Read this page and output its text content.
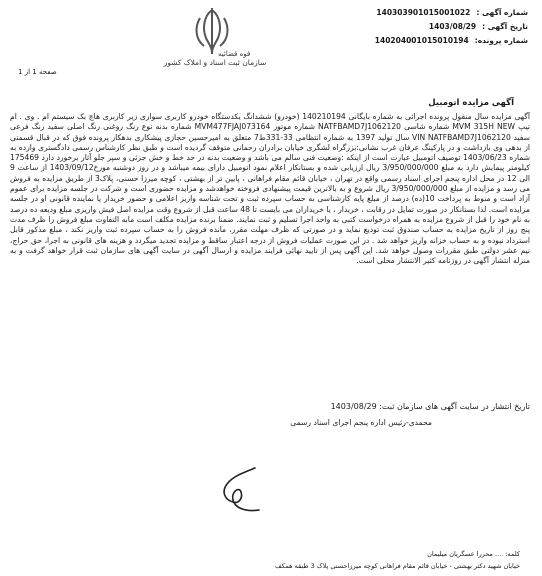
قوه قضائیه
سازمان ثبت اسناد و املاک کشور
شماره آگهی :
140303901015001022
تاریخ آگهی :
1403/08/29
شماره پرونده:
140204001015010194
صفحه 1 از 1
آگهی مزایده اتومبیل
آگهی مزایده سال منقول پرونده اجرائی به شماره بایگانی 140210194 (خودرو) ششدانگ یکدستگاه خودرو کاربری سواری زیر کاربری هاچ بک سیستم ام . وی . ام تیپ MVM 315H NEW شماره شاسی NATFBAMD7J1062120 شماره موتور MVM477FJAJ073164 شماره بدنه نوع رنگ روغنی رنگ اصلی سفید رنگ فرعی سفید VIN NATFBAMD7J1062120 سال تولید 1397 به شماره انتظامی 33-331ط7 متعلق به امیرحسین حجازی پیشکاری بدهکار پرونده فوق که در قبال قسمتی از بدهی وی بازداشت و در پارکینگ عرفان غرب نشانی:بزرگراه لشگری خیابان برادران رحمانی متوقف گردیده است و طبق نظر کارشناس رسمی دادگستری وارده به شماره 1403/06/23 توصیف اتومبیل عبارت است از اینکه :وضعیت فنی سالم می باشد و وضعیت بدنه در حد خط و خش جزئی و سپر جلو آثار برخورد دارد 175469 کیلومتر پیمایش دارد به مبلغ 3/950/000/000 ریال ارزیابی شده و بستانکار اعلام نمود اتومبیل دارای بیمه میباشد و در روز دوشنبه مورخ1403/09/12 از ساعت 9 الی 12 در محل اداره پنجم اجرای اسناد رسمی واقع در تهران ، خیابان قائم مقام فراهانی ، پایین تر از بهشتی ، کوچه میرزا حسنی، پلاک3 از طریق مزایده به فروش می رسد و مزایده از مبلغ 3/950/000/000 ریال شروع و به بالاترین قیمت پیشنهادی فروخته خواهدشد و مزایده حضوری است و شرکت در جلسه مزایده برای عموم آزاد است و منوط به پرداخت 10(ده) درصد از مبلغ پایه کارشناسی به حساب سپرده ثبت و تحت شناسه واریز اعلامی و حضور خریدار یا نماینده قانونی او در جلسه مزایده است. لذا بستانکار در صورت تمایل در رقابت ، خریدار ، یا خریداران می بایست تا 48 ساعت قبل از شروع وقت مزایده اصل فیش واریزی مبلغ ودیعه ده درصد به نام خود را قبل از شروع مزایده به همراه درخواست کتبی به واحد اجرا تسلیم و ثبت نمایند. ضمنا برنده مزایده مکلف است مابه التفاوت مبلغ فروش را ظرف مدت پنج روز از تاریخ مزایده به حساب صندوق ثبت تودیع نماید و در صورتی که ظرف مهلت مقرر، مانده فروش را به حساب سپرده ثبت واریز نکند ، مبلغ مذکور قابل استرداد نبوده و به حساب خزانه واریز خواهد شد . در این صورت عملیات فروش از درجه اعتبار ساقط و مزایده تجدید میگردد و هزینه های قانونی به اجرا، حق حراج، نیم عشر دولتی طبق مقررات وصول خواهد شد. این آگهی پس از تایید نهائی فرایند مزایده و ارسال آگهی در سایت آگهی های سازمان ثبت قرار خواهد گرفت و به منزله انتشار آگهی در روزنامه کثیر الانتشار محلی است.
تاریخ انتشار در سایت آگهی های سازمان ثبت: 1403/08/29
محمدی-رئیس اداره پنجم اجرای اسناد رسمی
کلمه: .... محررا عسگریان میلیمان
خیابان شهید دکتر بهشتی - خیابان قائم مقام فراهانی کوچه میرزاحسنی پلاک 3 طبقه همکف
